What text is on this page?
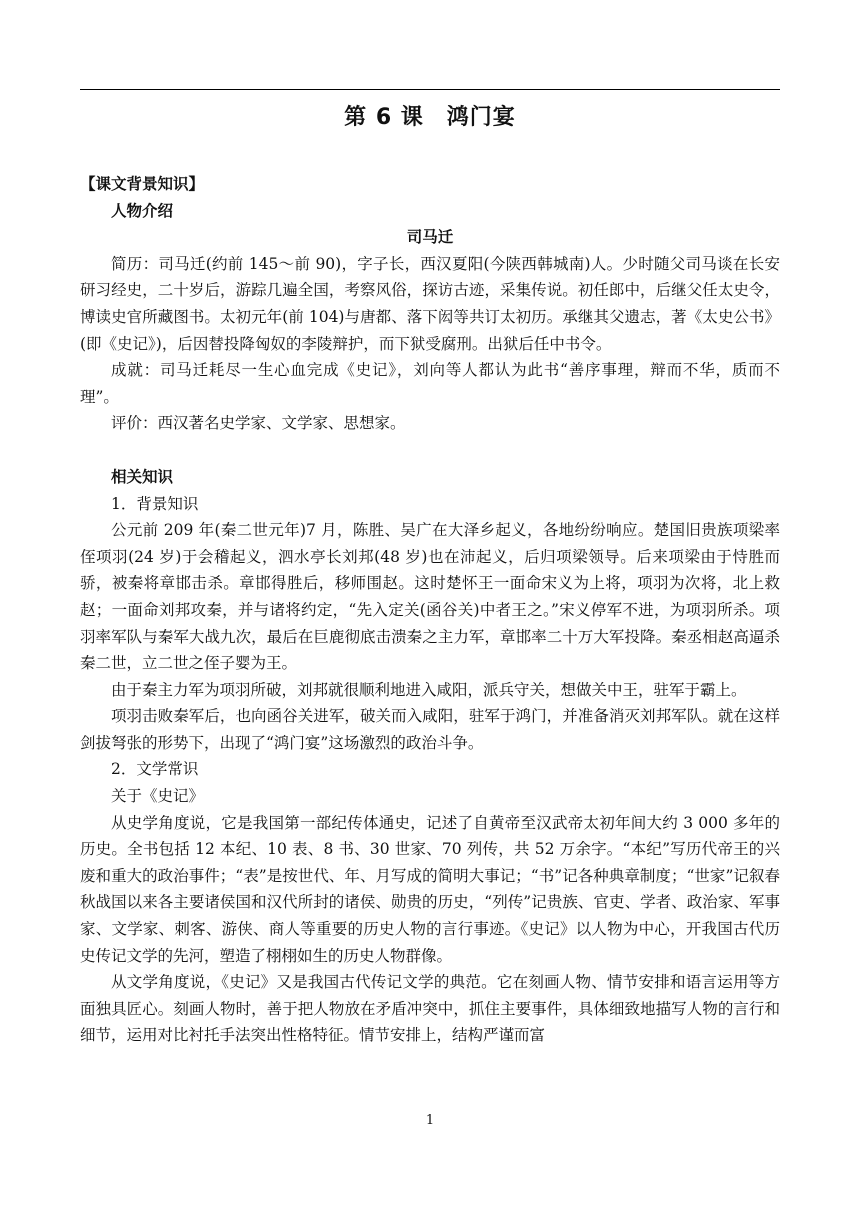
第 6 课　鸿门宴

【课文背景知识】

人物介绍

司马迁

简历：司马迁(约前 145～前 90)，字子长，西汉夏阳(今陕西韩城南)人。少时随父司马谈在长安研习经史，二十岁后，游踪几遍全国，考察风俗，探访古迹，采集传说。初任郎中，后继父任太史令，博读史官所藏图书。太初元年(前 104)与唐都、落下闳等共订太初历。承继其父遗志，著《太史公书》(即《史记》)，后因替投降匈奴的李陵辩护，而下狱受腐刑。出狱后任中书令。

成就：司马迁耗尽一生心血完成《史记》，刘向等人都认为此书“善序事理，辩而不华，质而不理”。

评价：西汉著名史学家、文学家、思想家。

相关知识

1．背景知识

公元前 209 年(秦二世元年)7 月，陈胜、吴广在大泽乡起义，各地纷纷响应。楚国旧贵族项梁率侄项羽(24 岁)于会稽起义，泗水亭长刘邦(48 岁)也在沛起义，后归项梁领导。后来项梁由于恃胜而骄，被秦将章邯击杀。章邯得胜后，移师围赵。这时楚怀王一面命宋义为上将，项羽为次将，北上救赵；一面命刘邦攻秦，并与诸将约定，“先入定关(函谷关)中者王之。”宋义停军不进，为项羽所杀。项羽率军队与秦军大战九次，最后在巨鹿彻底击溃秦之主力军，章邯率二十万大军投降。秦丞相赵高逼杀秦二世，立二世之侄子婴为王。

由于秦主力军为项羽所破，刘邦就很顺利地进入咸阳，派兵守关，想做关中王，驻军于霸上。

项羽击败秦军后，也向函谷关进军，破关而入咸阳，驻军于鸿门，并准备消灭刘邦军队。就在这样剑拔弩张的形势下，出现了“鸿门宴”这场激烈的政治斗争。

2．文学常识

关于《史记》

从史学角度说，它是我国第一部纪传体通史，记述了自黄帝至汉武帝太初年间大约 3 000 多年的历史。全书包括 12 本纪、10 表、8 书、30 世家、70 列传，共 52 万余字。“本纪”写历代帝王的兴废和重大的政治事件；“表”是按世代、年、月写成的简明大事记；“书”记各种典章制度；“世家”记叙春秋战国以来各主要诸侯国和汉代所封的诸侯、勋贵的历史，“列传”记贵族、官吏、学者、政治家、军事家、文学家、刺客、游侠、商人等重要的历史人物的言行事迹。《史记》以人物为中心，开我国古代历史传记文学的先河，塑造了栩栩如生的历史人物群像。

从文学角度说，《史记》又是我国古代传记文学的典范。它在刻画人物、情节安排和语言运用等方面独具匠心。刻画人物时，善于把人物放在矛盾冲突中，抓住主要事件，具体细致地描写人物的言行和细节，运用对比衬托手法突出性格特征。情节安排上，结构严谨而富

1
